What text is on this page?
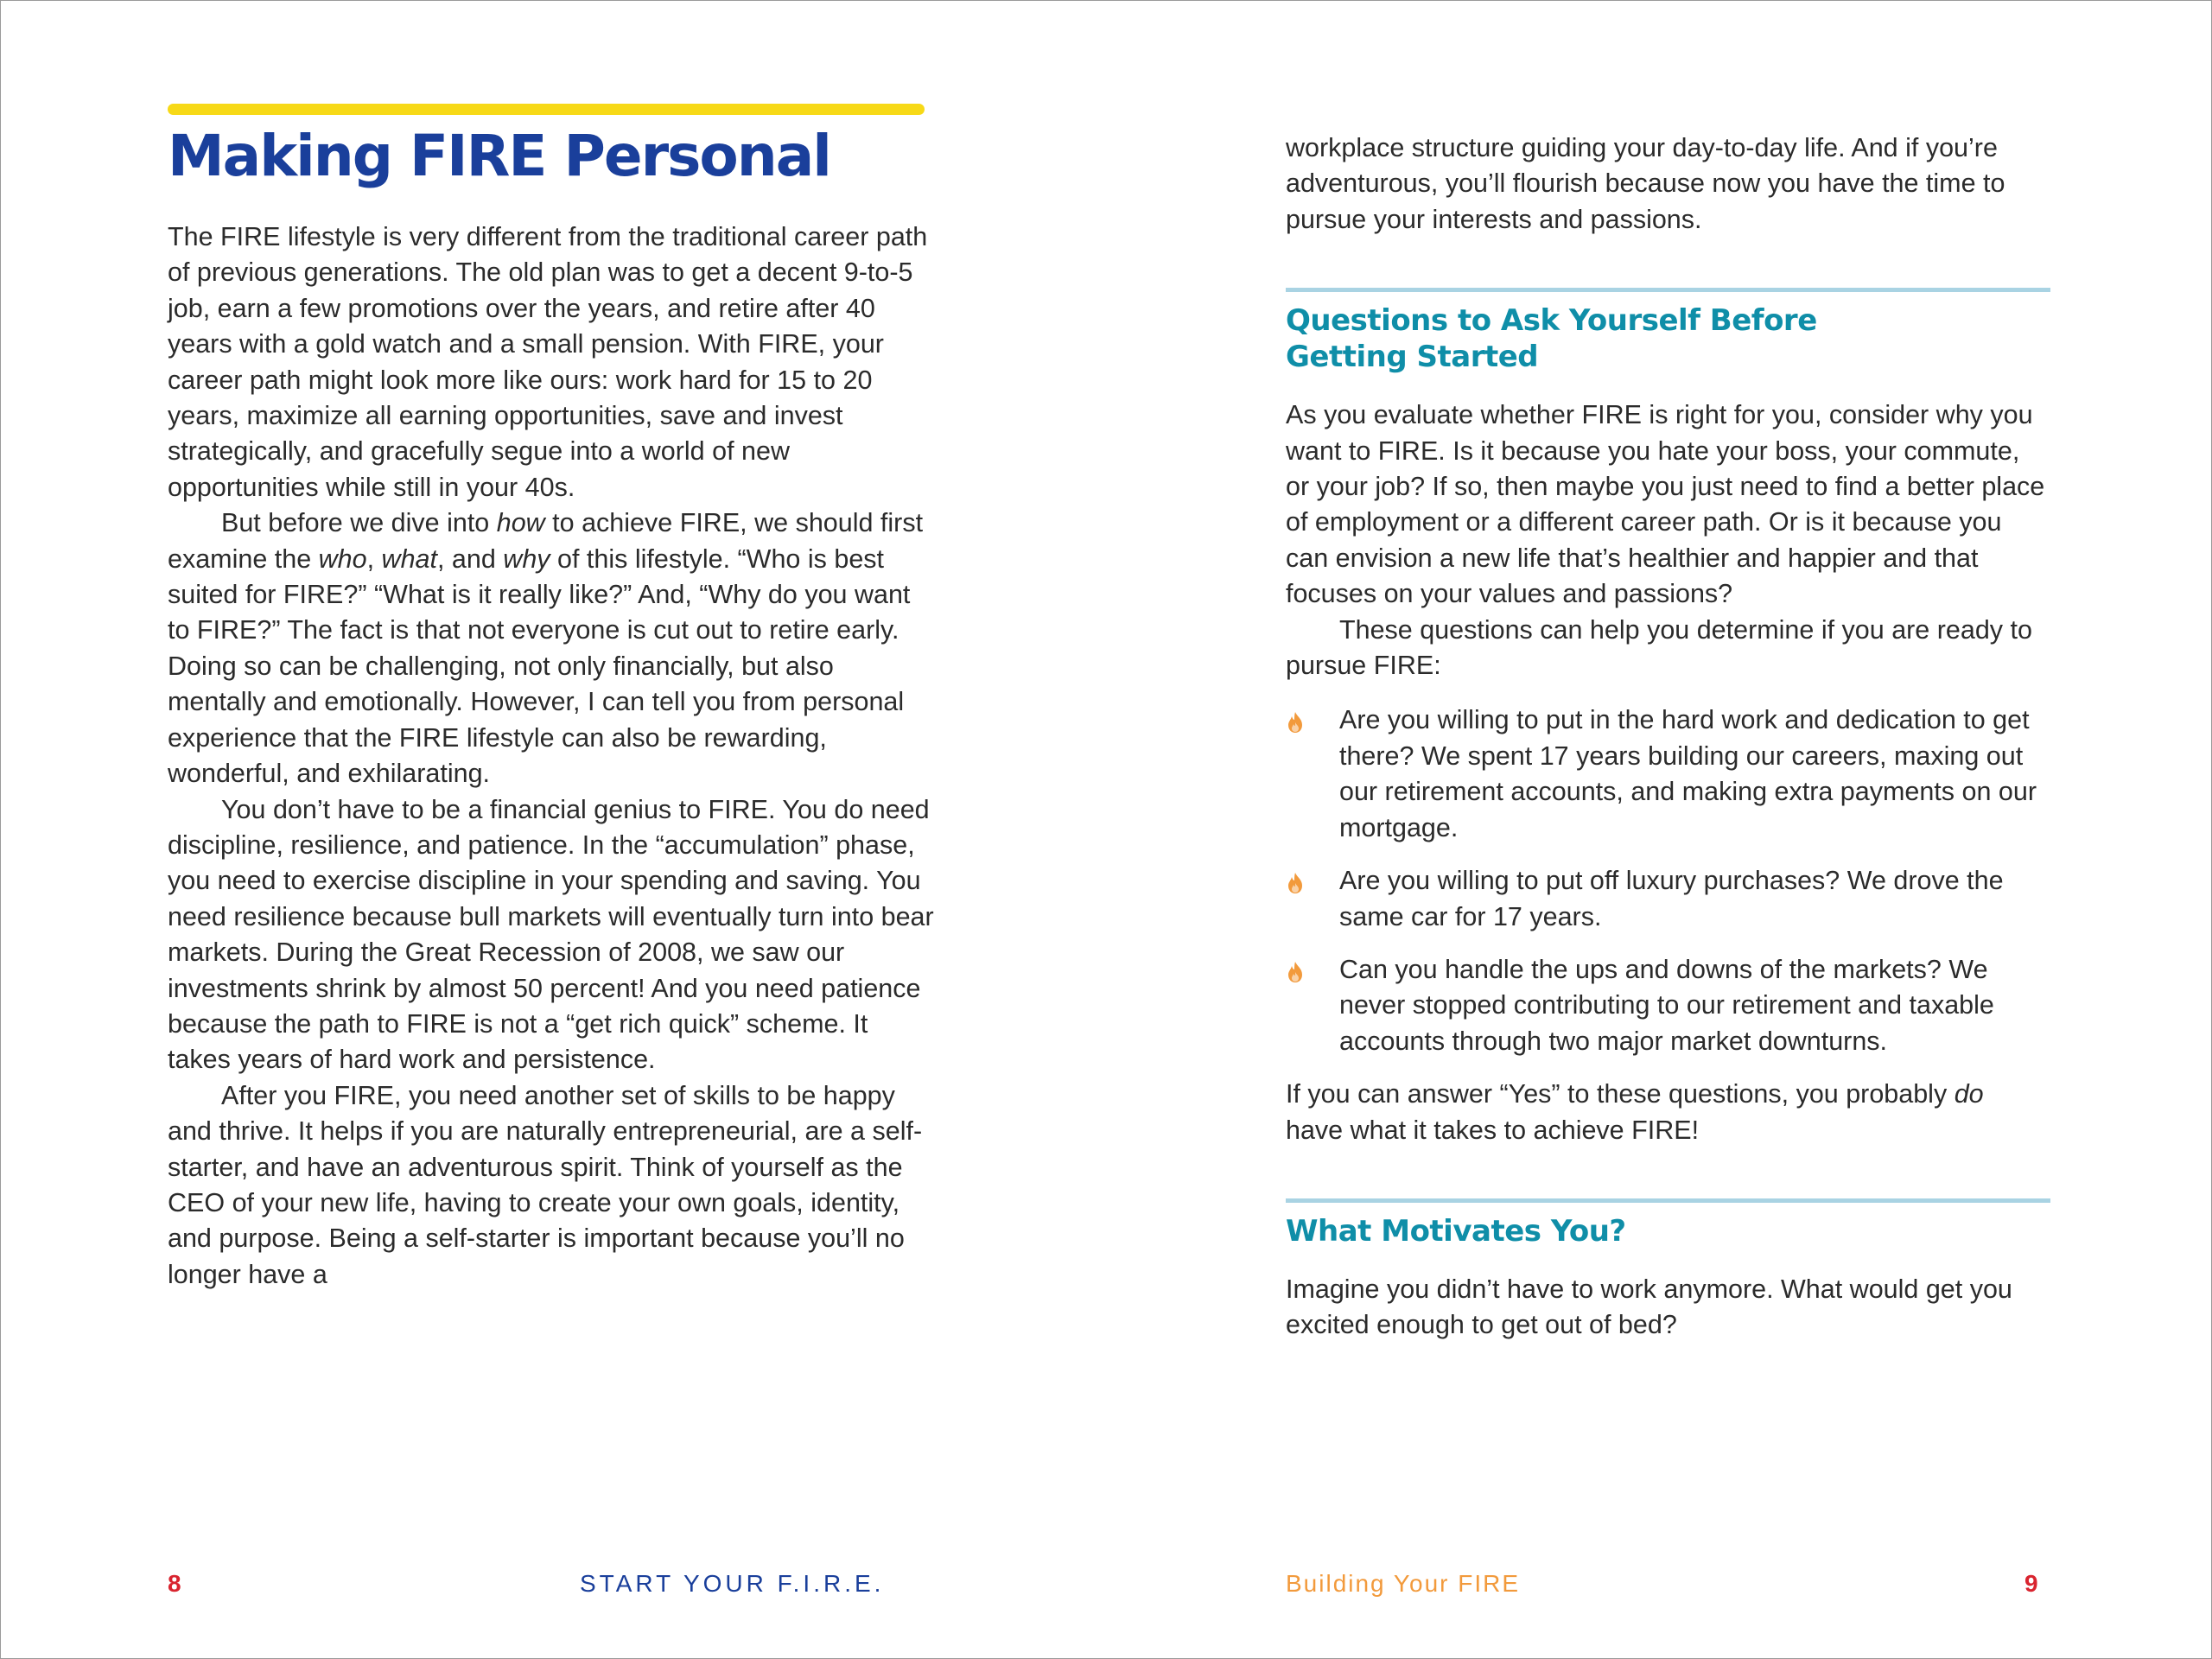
Making FIRE Personal

The FIRE lifestyle is very different from the traditional career path of previous generations. The old plan was to get a decent 9-to-5 job, earn a few promotions over the years, and retire after 40 years with a gold watch and a small pension. With FIRE, your career path might look more like ours: work hard for 15 to 20 years, maximize all earning opportunities, save and invest strategically, and gracefully segue into a world of new opportunities while still in your 40s.

But before we dive into how to achieve FIRE, we should first examine the who, what, and why of this lifestyle. “Who is best suited for FIRE?” “What is it really like?” And, “Why do you want to FIRE?” The fact is that not everyone is cut out to retire early. Doing so can be challenging, not only financially, but also mentally and emotionally. However, I can tell you from personal experience that the FIRE lifestyle can also be rewarding, wonderful, and exhilarating.

You don’t have to be a financial genius to FIRE. You do need discipline, resilience, and patience. In the “accumulation” phase, you need to exercise discipline in your spending and saving. You need resilience because bull markets will eventually turn into bear markets. During the Great Recession of 2008, we saw our investments shrink by almost 50 percent! And you need patience because the path to FIRE is not a “get rich quick” scheme. It takes years of hard work and persistence.

After you FIRE, you need another set of skills to be happy and thrive. It helps if you are naturally entrepreneurial, are a self-starter, and have an adventurous spirit. Think of yourself as the CEO of your new life, having to create your own goals, identity, and purpose. Being a self-starter is important because you’ll no longer have a

8	START YOUR F.I.R.E.

workplace structure guiding your day-to-day life. And if you’re adventurous, you’ll flourish because now you have the time to pursue your interests and passions.

Questions to Ask Yourself Before Getting Started

As you evaluate whether FIRE is right for you, consider why you want to FIRE. Is it because you hate your boss, your commute, or your job? If so, then maybe you just need to find a better place of employment or a different career path. Or is it because you can envision a new life that’s healthier and happier and that focuses on your values and passions?

These questions can help you determine if you are ready to pursue FIRE:

Are you willing to put in the hard work and dedication to get there? We spent 17 years building our careers, maxing out our retirement accounts, and making extra payments on our mortgage.
Are you willing to put off luxury purchases? We drove the same car for 17 years.
Can you handle the ups and downs of the markets? We never stopped contributing to our retirement and taxable accounts through two major market downturns.

If you can answer “Yes” to these questions, you probably do have what it takes to achieve FIRE!

What Motivates You?

Imagine you didn’t have to work anymore. What would get you excited enough to get out of bed?

Building Your FIRE	9
